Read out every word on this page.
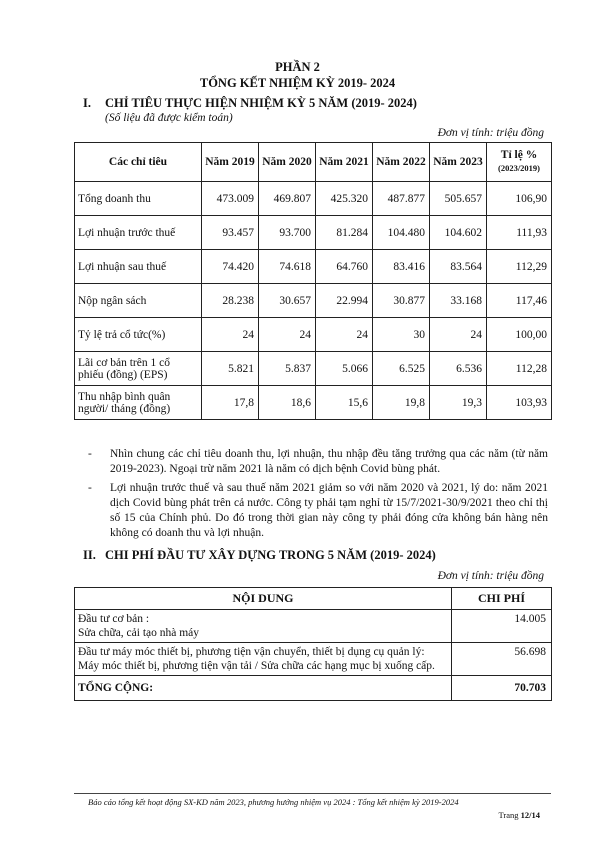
PHẦN 2
TỔNG KẾT NHIỆM KỲ 2019- 2024
I. CHỈ TIÊU THỰC HIỆN NHIỆM KỲ 5 NĂM (2019- 2024)
(Số liệu đã được kiểm toán)
Đơn vị tính: triệu đồng
Các chỉ tiêu	Năm 2019	Năm 2020	Năm 2021	Năm 2022	Năm 2023	Tỉ lệ %
(2023/2019)

Tổng doanh thu	473.009	469.807	425.320	487.877	505.657	106,90
Lợi nhuận trước thuế	93.457	93.700	81.284	104.480	104.602	111,93
Lợi nhuận sau thuế	74.420	74.618	64.760	83.416	83.564	112,29
Nộp ngân sách	28.238	30.657	22.994	30.877	33.168	117,46
Tỷ lệ trả cổ tức(%)	24	24	24	30	24	100,00
Lãi cơ bản trên 1 cổ phiếu (đồng) (EPS)	5.821	5.837	5.066	6.525	6.536	112,28
Thu nhập bình quân người/ tháng (đồng)	17,8	18,6	15,6	19,8	19,3	103,93
- Nhìn chung các chỉ tiêu doanh thu, lợi nhuận, thu nhập đều tăng trưởng qua các năm (từ năm 2019-2023). Ngoại trừ năm 2021 là năm có dịch bệnh Covid bùng phát.
- Lợi nhuận trước thuế và sau thuế năm 2021 giảm so với năm 2020 và 2021, lý do: năm 2021 dịch Covid bùng phát trên cả nước. Công ty phải tạm nghỉ từ 15/7/2021-30/9/2021 theo chỉ thị số 15 của Chính phủ. Do đó trong thời gian này công ty phải đóng cửa không bán hàng nên không có doanh thu và lợi nhuận.
II. CHI PHÍ ĐẦU TƯ XÂY DỰNG TRONG 5 NĂM (2019- 2024)
Đơn vị tính: triệu đồng
NỘI DUNG	CHI PHÍ

Đầu tư cơ bản :
Sửa chữa, cải tạo nhà máy	14.005

Đầu tư máy móc thiết bị, phương tiện vận chuyển, thiết bị dụng cụ quản lý:
Máy móc thiết bị, phương tiện vận tải / Sửa chữa các hạng mục bị xuống cấp.	56.698
TỔNG CỘNG:	70.703
Báo cáo tổng kết hoạt động SX-KD năm 2023, phương hướng nhiệm vụ 2024 : Tổng kết nhiệm kỳ 2019-2024
Trang 12/14
